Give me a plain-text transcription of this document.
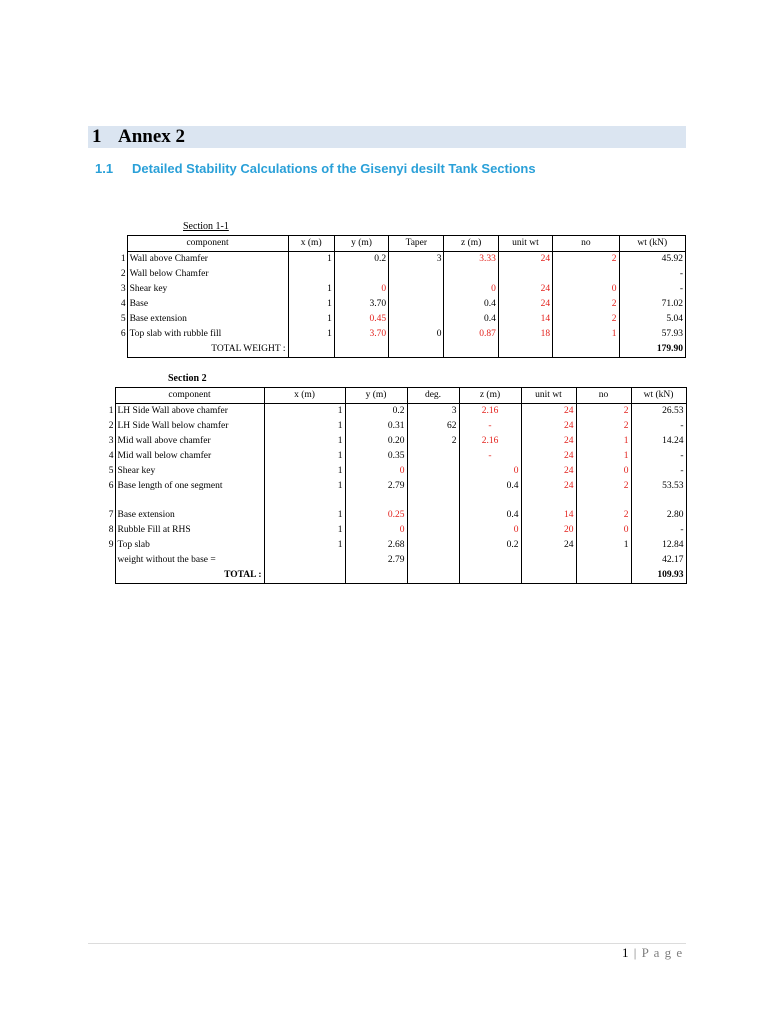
1 Annex 2
1.1 Detailed Stability Calculations of the Gisenyi desilt Tank Sections
Section 1-1
	component	x (m)	y (m)	Taper	z (m)	unit wt	no	wt (kN)
1	Wall above Chamfer	1	0.2	3	3.33	24	2	45.92
2	Wall below Chamfer							-
3	Shear key	1	0		0	24	0	-
4	Base	1	3.70		0.4	24	2	71.02
5	Base extension	1	0.45		0.4	14	2	5.04
6	Top slab with rubble fill	1	3.70	0	0.87	18	1	57.93
	TOTAL WEIGHT :							179.90
Section 2
	component	x (m)	y (m)	deg.	z (m)	unit wt	no	wt (kN)
1	LH Side Wall above chamfer	1	0.2	3	2.16	24	2	26.53
2	LH Side Wall below chamfer	1	0.31	62	-	24	2	-
3	Mid wall above chamfer	1	0.20	2	2.16	24	1	14.24
4	Mid wall below chamfer	1	0.35		-	24	1	-
5	Shear key	1	0		0	24	0	-
6	Base length of one segment	1	2.79		0.4	24	2	53.53

7	Base extension	1	0.25		0.4	14	2	2.80
8	Rubble Fill at RHS	1	0		0	20	0	-
9	Top slab	1	2.68		0.2	24	1	12.84
	weight without the base =		2.79					42.17
	TOTAL :							109.93
1 | P a g e
